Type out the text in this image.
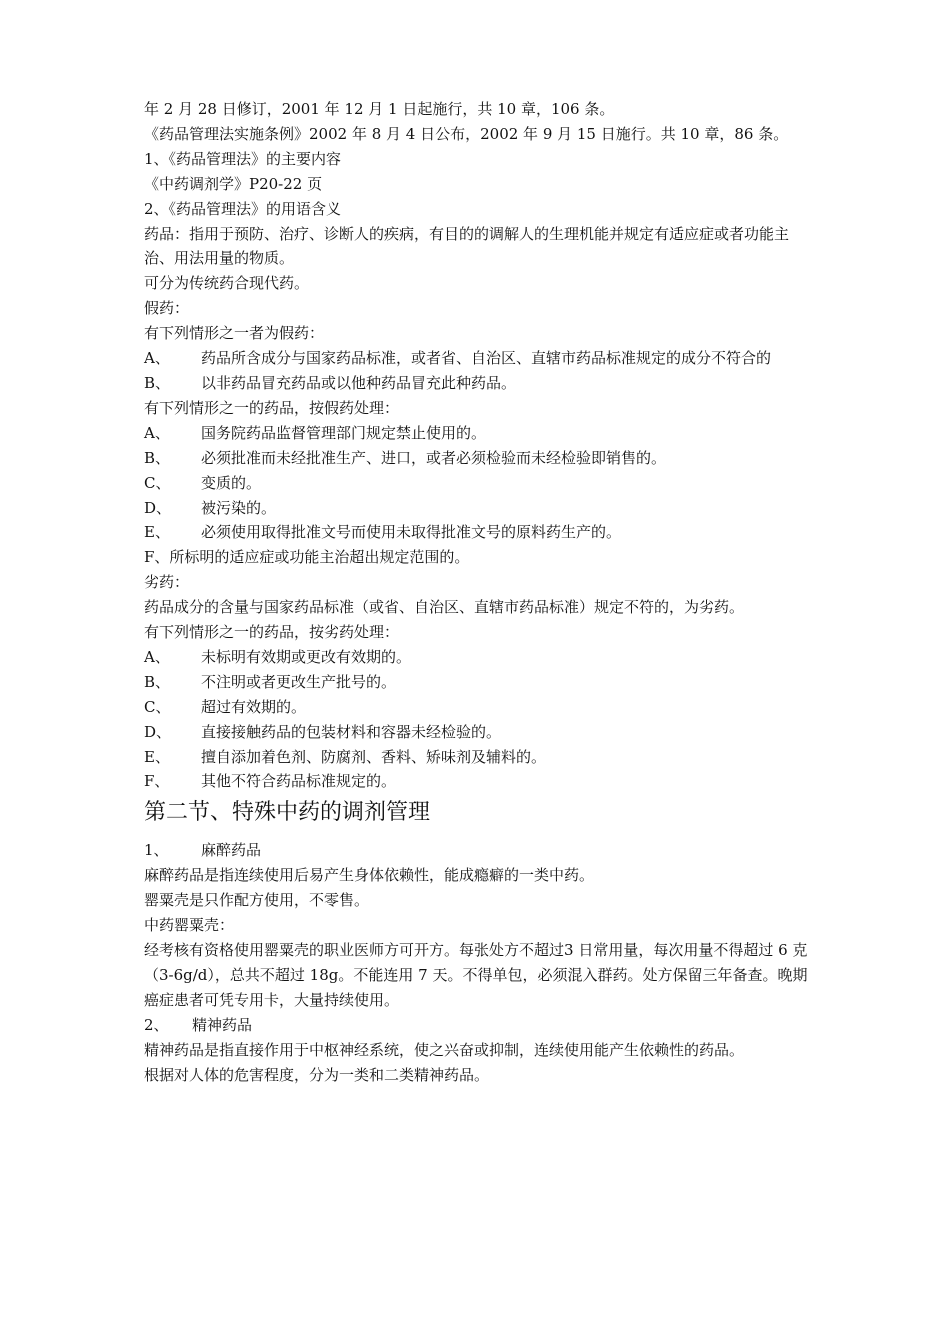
年 2 月 28 日修订，2001 年 12 月 1 日起施行，共 10 章，106 条。

《药品管理法实施条例》2002 年 8 月 4 日公布，2002 年 9 月 15 日施行。共 10 章，86 条。

1、《药品管理法》的主要内容

《中药调剂学》P20-22 页

2、《药品管理法》的用语含义

药品：指用于预防、治疗、诊断人的疾病，有目的的调解人的生理机能并规定有适应症或者功能主治、用法用量的物质。

可分为传统药合现代药。

假药：

有下列情形之一者为假药：

A、	药品所含成分与国家药品标准，或者省、自治区、直辖市药品标准规定的成分不符合的
B、	以非药品冒充药品或以他种药品冒充此种药品。

有下列情形之一的药品，按假药处理：

A、	国务院药品监督管理部门规定禁止使用的。
B、	必须批准而未经批准生产、进口，或者必须检验而未经检验即销售的。
C、	变质的。
D、	被污染的。
E、	必须使用取得批准文号而使用未取得批准文号的原料药生产的。

F、所标明的适应症或功能主治超出规定范围的。

劣药：

药品成分的含量与国家药品标准（或省、自治区、直辖市药品标准）规定不符的，为劣药。

有下列情形之一的药品，按劣药处理：

A、	未标明有效期或更改有效期的。
B、	不注明或者更改生产批号的。
C、	超过有效期的。
D、	直接接触药品的包装材料和容器未经检验的。
E、	擅自添加着色剂、防腐剂、香料、矫味剂及辅料的。
F、	其他不符合药品标准规定的。
第二节、特殊中药的调剂管理
1、	麻醉药品

麻醉药品是指连续使用后易产生身体依赖性，能成瘾癖的一类中药。

罂粟壳是只作配方使用，不零售。

中药罂粟壳：

经考核有资格使用罂粟壳的职业医师方可开方。每张处方不超过3 日常用量，每次用量不得超过 6 克（3-6g/d），总共不超过 18g。不能连用 7 天。不得单包，必须混入群药。处方保留三年备查。晚期癌症患者可凭专用卡，大量持续使用。

2、	精神药品

精神药品是指直接作用于中枢神经系统，使之兴奋或抑制，连续使用能产生依赖性的药品。

根据对人体的危害程度，分为一类和二类精神药品。
